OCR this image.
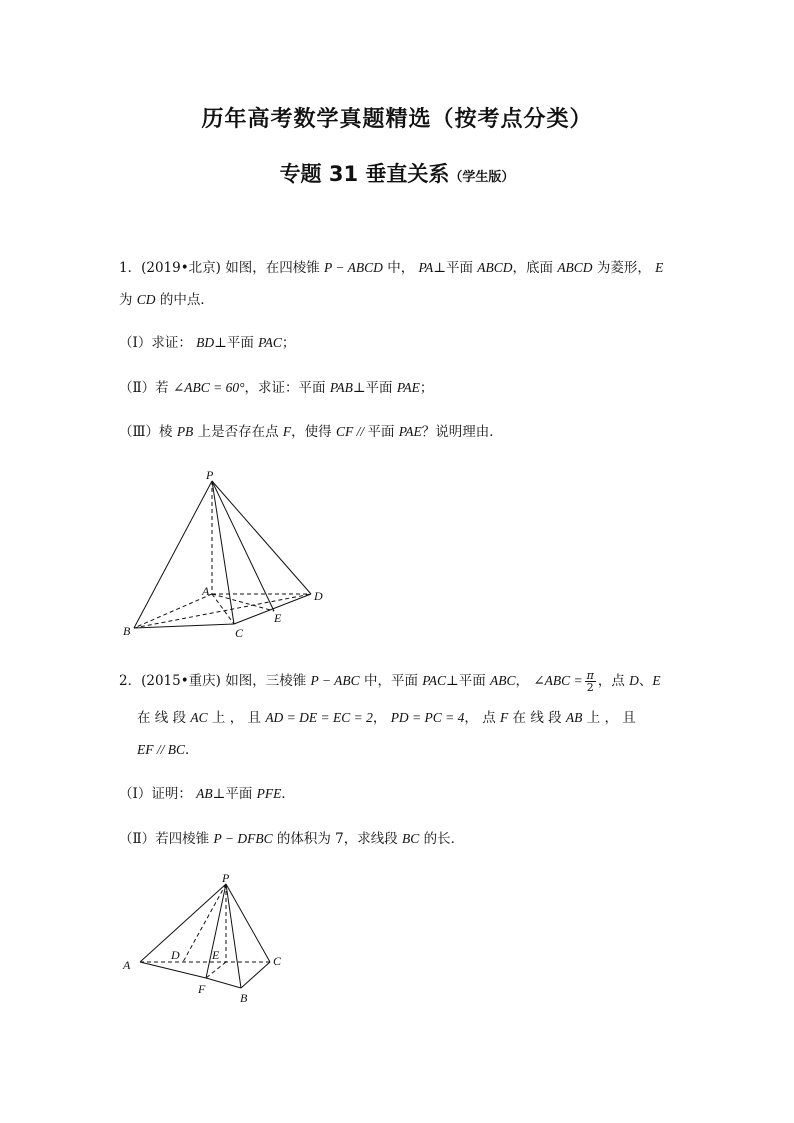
历年高考数学真题精选（按考点分类）
专题 31 垂直关系（学生版）
1．(2019•北京) 如图，在四棱锥 P − ABCD 中， PA⊥平面 ABCD，底面 ABCD 为菱形， E
为 CD 的中点．
（Ⅰ）求证： BD⊥平面 PAC；
（Ⅱ）若 ∠ABC = 60°，求证：平面 PAB⊥平面 PAE；
（Ⅲ）棱 PB 上是否存在点 F，使得 CF // 平面 PAE？说明理由．
P
A
B	C
D
E
2．(2015•重庆) 如图，三棱锥 P − ABC 中，平面 PAC⊥平面 ABC， ∠ABC = $\frac{\pi}{2}$ ，点 D、E
在 线 段 AC 上 ， 且 AD = DE = EC = 2， PD = PC = 4， 点 F 在 线 段 AB 上 ， 且
EF // BC．
（Ⅰ）证明： AB⊥平面 PFE．
（Ⅱ）若四棱锥 P − DFBC 的体积为 7，求线段 BC 的长．
P
A
B
C
D	E
F
